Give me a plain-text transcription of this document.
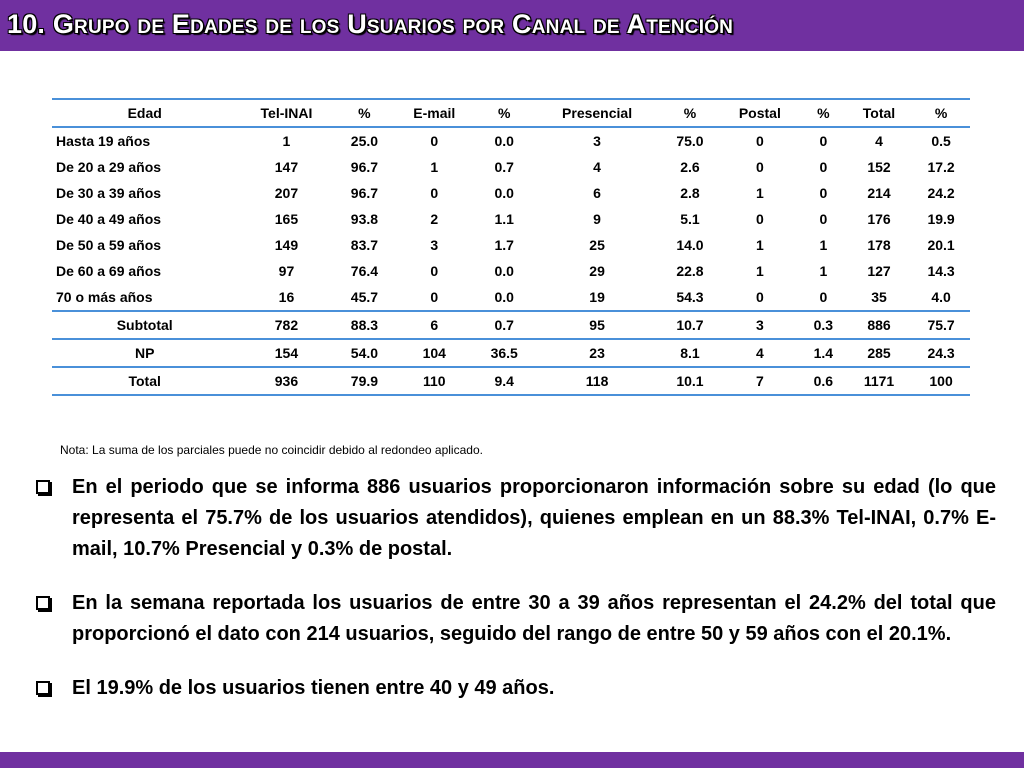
10. Grupo de Edades de los Usuarios por Canal de Atención
Edad	Tel-INAI	%	E-mail	%	Presencial	%	Postal	%	Total	%
Hasta 19 años	1	25.0	0	0.0	3	75.0	0	0	4	0.5
De 20 a 29 años	147	96.7	1	0.7	4	2.6	0	0	152	17.2
De 30 a 39 años	207	96.7	0	0.0	6	2.8	1	0	214	24.2
De 40 a 49 años	165	93.8	2	1.1	9	5.1	0	0	176	19.9
De 50 a 59 años	149	83.7	3	1.7	25	14.0	1	1	178	20.1
De 60 a 69 años	97	76.4	0	0.0	29	22.8	1	1	127	14.3
70 o más años	16	45.7	0	0.0	19	54.3	0	0	35	4.0
Subtotal	782	88.3	6	0.7	95	10.7	3	0.3	886	75.7
NP	154	54.0	104	36.5	23	8.1	4	1.4	285	24.3
Total	936	79.9	110	9.4	118	10.1	7	0.6	1171	100
Nota: La suma de los parciales puede no coincidir debido al redondeo aplicado.
En el periodo que se informa 886 usuarios proporcionaron información sobre su edad (lo que representa el 75.7% de los usuarios atendidos), quienes emplean en un 88.3% Tel-INAI, 0.7% E-mail, 10.7% Presencial y 0.3% de postal.
En la semana reportada los usuarios de entre 30 a 39 años representan el 24.2% del total que proporcionó el dato con 214 usuarios, seguido del rango de entre 50 y 59 años con el 20.1%.
El 19.9% de los usuarios tienen entre 40 y 49 años.
